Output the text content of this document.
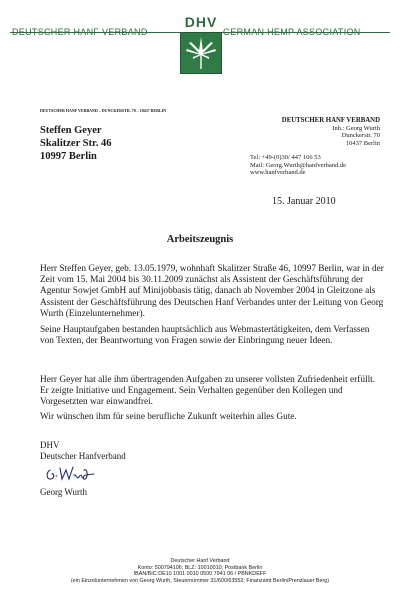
DEUTSCHER HANF VERBAND	GERMAN HEMP ASSOCIATION
DHV
DEUTSCHER HANF VERBAND – DUNCKERSTR. 70 – 10437 BERLIN
Steffen Geyer
Skalitzer Str. 46
10997 Berlin
DEUTSCHER HANF VERBAND
Inh.: Georg Wurth
Dunckerstr. 70
10437 Berlin
Tel: +49-(0)30/ 447 166 53
Mail: Georg.Wurth@hanfverband.de
www.hanfverband.de
15. Januar 2010
Arbeitszeugnis
Herr Steffen Geyer, geb. 13.05.1979, wohnhaft Skalitzer Straße 46, 10997 Berlin, war in der Zeit vom 15. Mai 2004 bis 30.11.2009 zunächst als Assistent der Geschäftsführung der Agentur Sowjet GmbH auf Minijobbasis tätig, danach ab November 2004 in Gleitzone als Assistent der Geschäftsführung des Deutschen Hanf Verbandes unter der Leitung von Georg Wurth (Einzelunternehmer).
Seine Hauptaufgaben bestanden hauptsächlich aus Webmastertätigkeiten, dem Verfassen von Texten, der Beantwortung von Fragen sowie der Einbringung neuer Ideen.
Herr Geyer hat alle ihm übertragenden Aufgaben zu unserer vollsten Zufriedenheit erfüllt. Er zeigte Initiative und Engagement. Sein Verhalten gegenüber den Kollegen und Vorgesetzten war einwandfrei.
Wir wünschen ihm für seine berufliche Zukunft weiterhin alles Gute.
DHV
Deutscher Hanfverband
Georg Wurth
Deutscher Hanf Verband
Konto: 500794106; BLZ: 10010010; Postbank Berlin
IBAN/BIC:DE10 1001 0010 0500 7941 06 / PBNKDEFF
(ein Einzelunternehmen von Georg Wurth, Steuernummer 31/600/63552; Finanzamt Berlin/Prenzlauer Berg)
